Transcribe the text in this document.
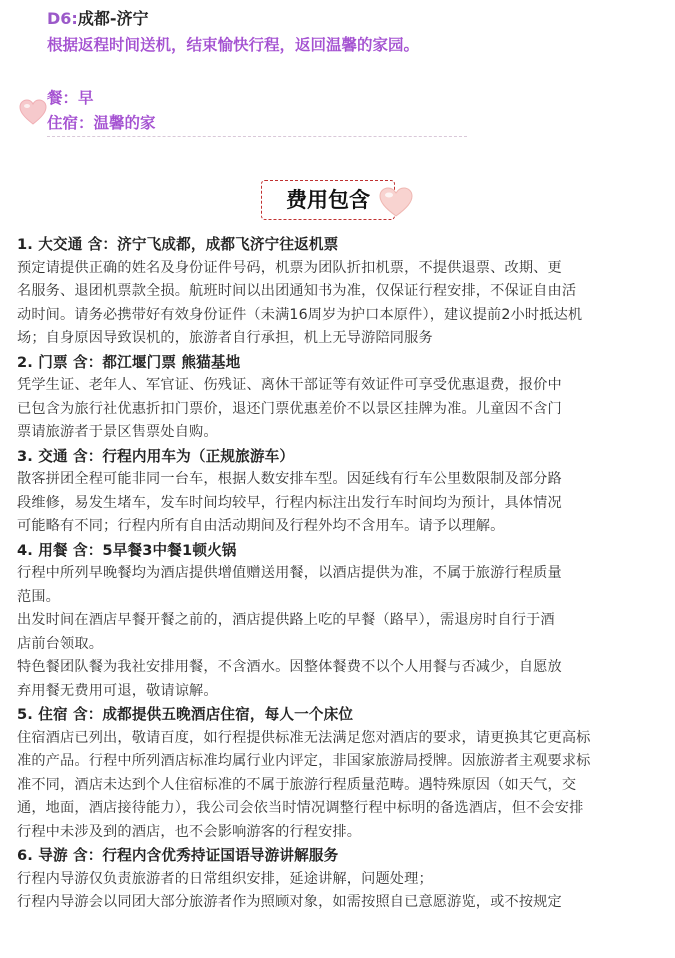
D6:成都-济宁
根据返程时间送机，结束愉快行程，返回温馨的家园。
餐：早
住宿：温馨的家
费用包含

1. 大交通 含：济宁飞成都，成都飞济宁往返机票

预定请提供正确的姓名及身份证件号码，机票为团队折扣机票，不提供退票、改期、更

名服务、退团机票款全损。航班时间以出团通知书为准，仅保证行程安排，不保证自由活

动时间。请务必携带好有效身份证件（未满16周岁为护口本原件），建议提前2小时抵达机

场；自身原因导致误机的，旅游者自行承担，机上无导游陪同服务

2. 门票 含：都江堰门票 熊猫基地

凭学生证、老年人、军官证、伤残证、离休干部证等有效证件可享受优惠退费，报价中

已包含为旅行社优惠折扣门票价，退还门票优惠差价不以景区挂牌为准。儿童因不含门

票请旅游者于景区售票处自购。

3. 交通 含：行程内用车为（正规旅游车）

散客拼团全程可能非同一台车，根据人数安排车型。因延线有行车公里数限制及部分路

段维修，易发生堵车，发车时间均较早，行程内标注出发行车时间均为预计，具体情况

可能略有不同；行程内所有自由活动期间及行程外均不含用车。请予以理解。

4. 用餐 含：5早餐3中餐1顿火锅

行程中所列早晚餐均为酒店提供增值赠送用餐，以酒店提供为准，不属于旅游行程质量

范围。

出发时间在酒店早餐开餐之前的，酒店提供路上吃的早餐（路早），需退房时自行于酒

店前台领取。

特色餐团队餐为我社安排用餐，不含酒水。因整体餐费不以个人用餐与否减少，自愿放

弃用餐无费用可退，敬请谅解。

5. 住宿 含：成都提供五晚酒店住宿，每人一个床位

住宿酒店已列出，敬请百度，如行程提供标准无法满足您对酒店的要求，请更换其它更高标

准的产品。行程中所列酒店标准均属行业内评定，非国家旅游局授牌。因旅游者主观要求标

准不同，酒店未达到个人住宿标准的不属于旅游行程质量范畴。遇特殊原因（如天气，交

通，地面，酒店接待能力），我公司会依当时情况调整行程中标明的备选酒店，但不会安排

行程中未涉及到的酒店，也不会影响游客的行程安排。

6. 导游 含：行程内含优秀持证国语导游讲解服务

行程内导游仅负责旅游者的日常组织安排，延途讲解，问题处理；

行程内导游会以同团大部分旅游者作为照顾对象，如需按照自已意愿游览，或不按规定
